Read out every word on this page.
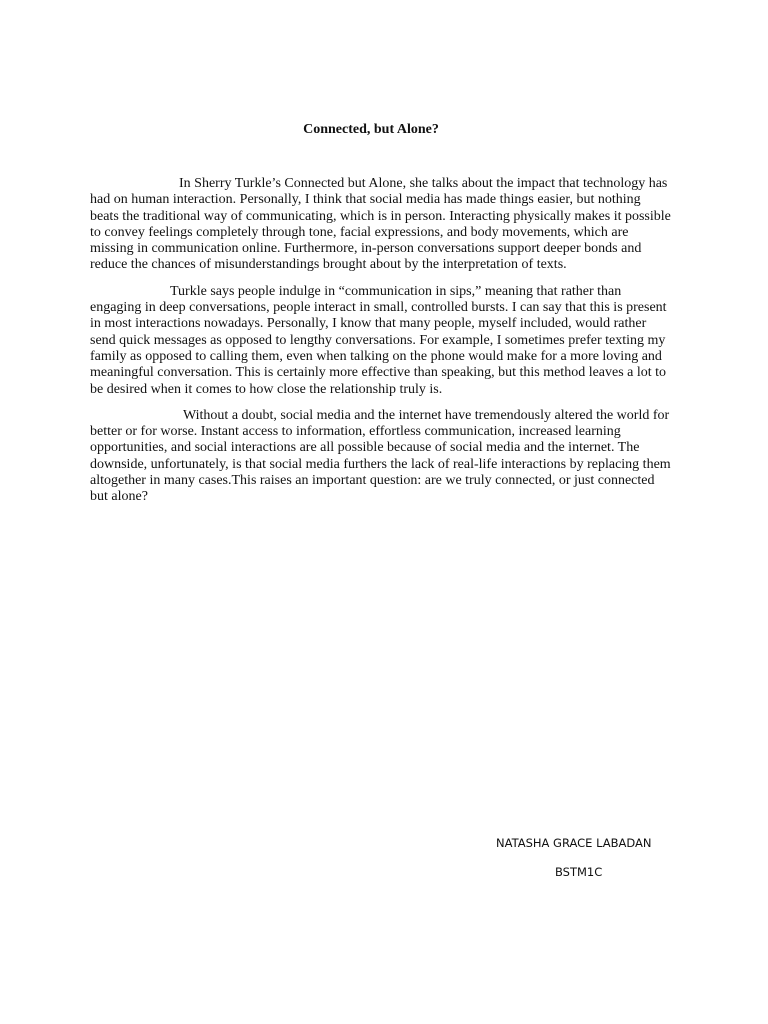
Connected, but Alone?

In Sherry Turkle’s Connected but Alone, she talks about the impact that technology has had on human interaction. Personally, I think that social media has made things easier, but nothing beats the traditional way of communicating, which is in person. Interacting physically makes it possible to convey feelings completely through tone, facial expressions, and body movements, which are missing in communication online. Furthermore, in-person conversations support deeper bonds and reduce the chances of misunderstandings brought about by the interpretation of texts.

Turkle says people indulge in “communication in sips,” meaning that rather than engaging in deep conversations, people interact in small, controlled bursts. I can say that this is present in most interactions nowadays. Personally, I know that many people, myself included, would rather send quick messages as opposed to lengthy conversations. For example, I sometimes prefer texting my family as opposed to calling them, even when talking on the phone would make for a more loving and meaningful conversation. This is certainly more effective than speaking, but this method leaves a lot to be desired when it comes to how close the relationship truly is.

Without a doubt, social media and the internet have tremendously altered the world for better or for worse. Instant access to information, effortless communication, increased learning opportunities, and social interactions are all possible because of social media and the internet. The downside, unfortunately, is that social media furthers the lack of real-life interactions by replacing them altogether in many cases.This raises an important question: are we truly connected, or just connected but alone?

NATASHA GRACE LABADAN

BSTM1C
